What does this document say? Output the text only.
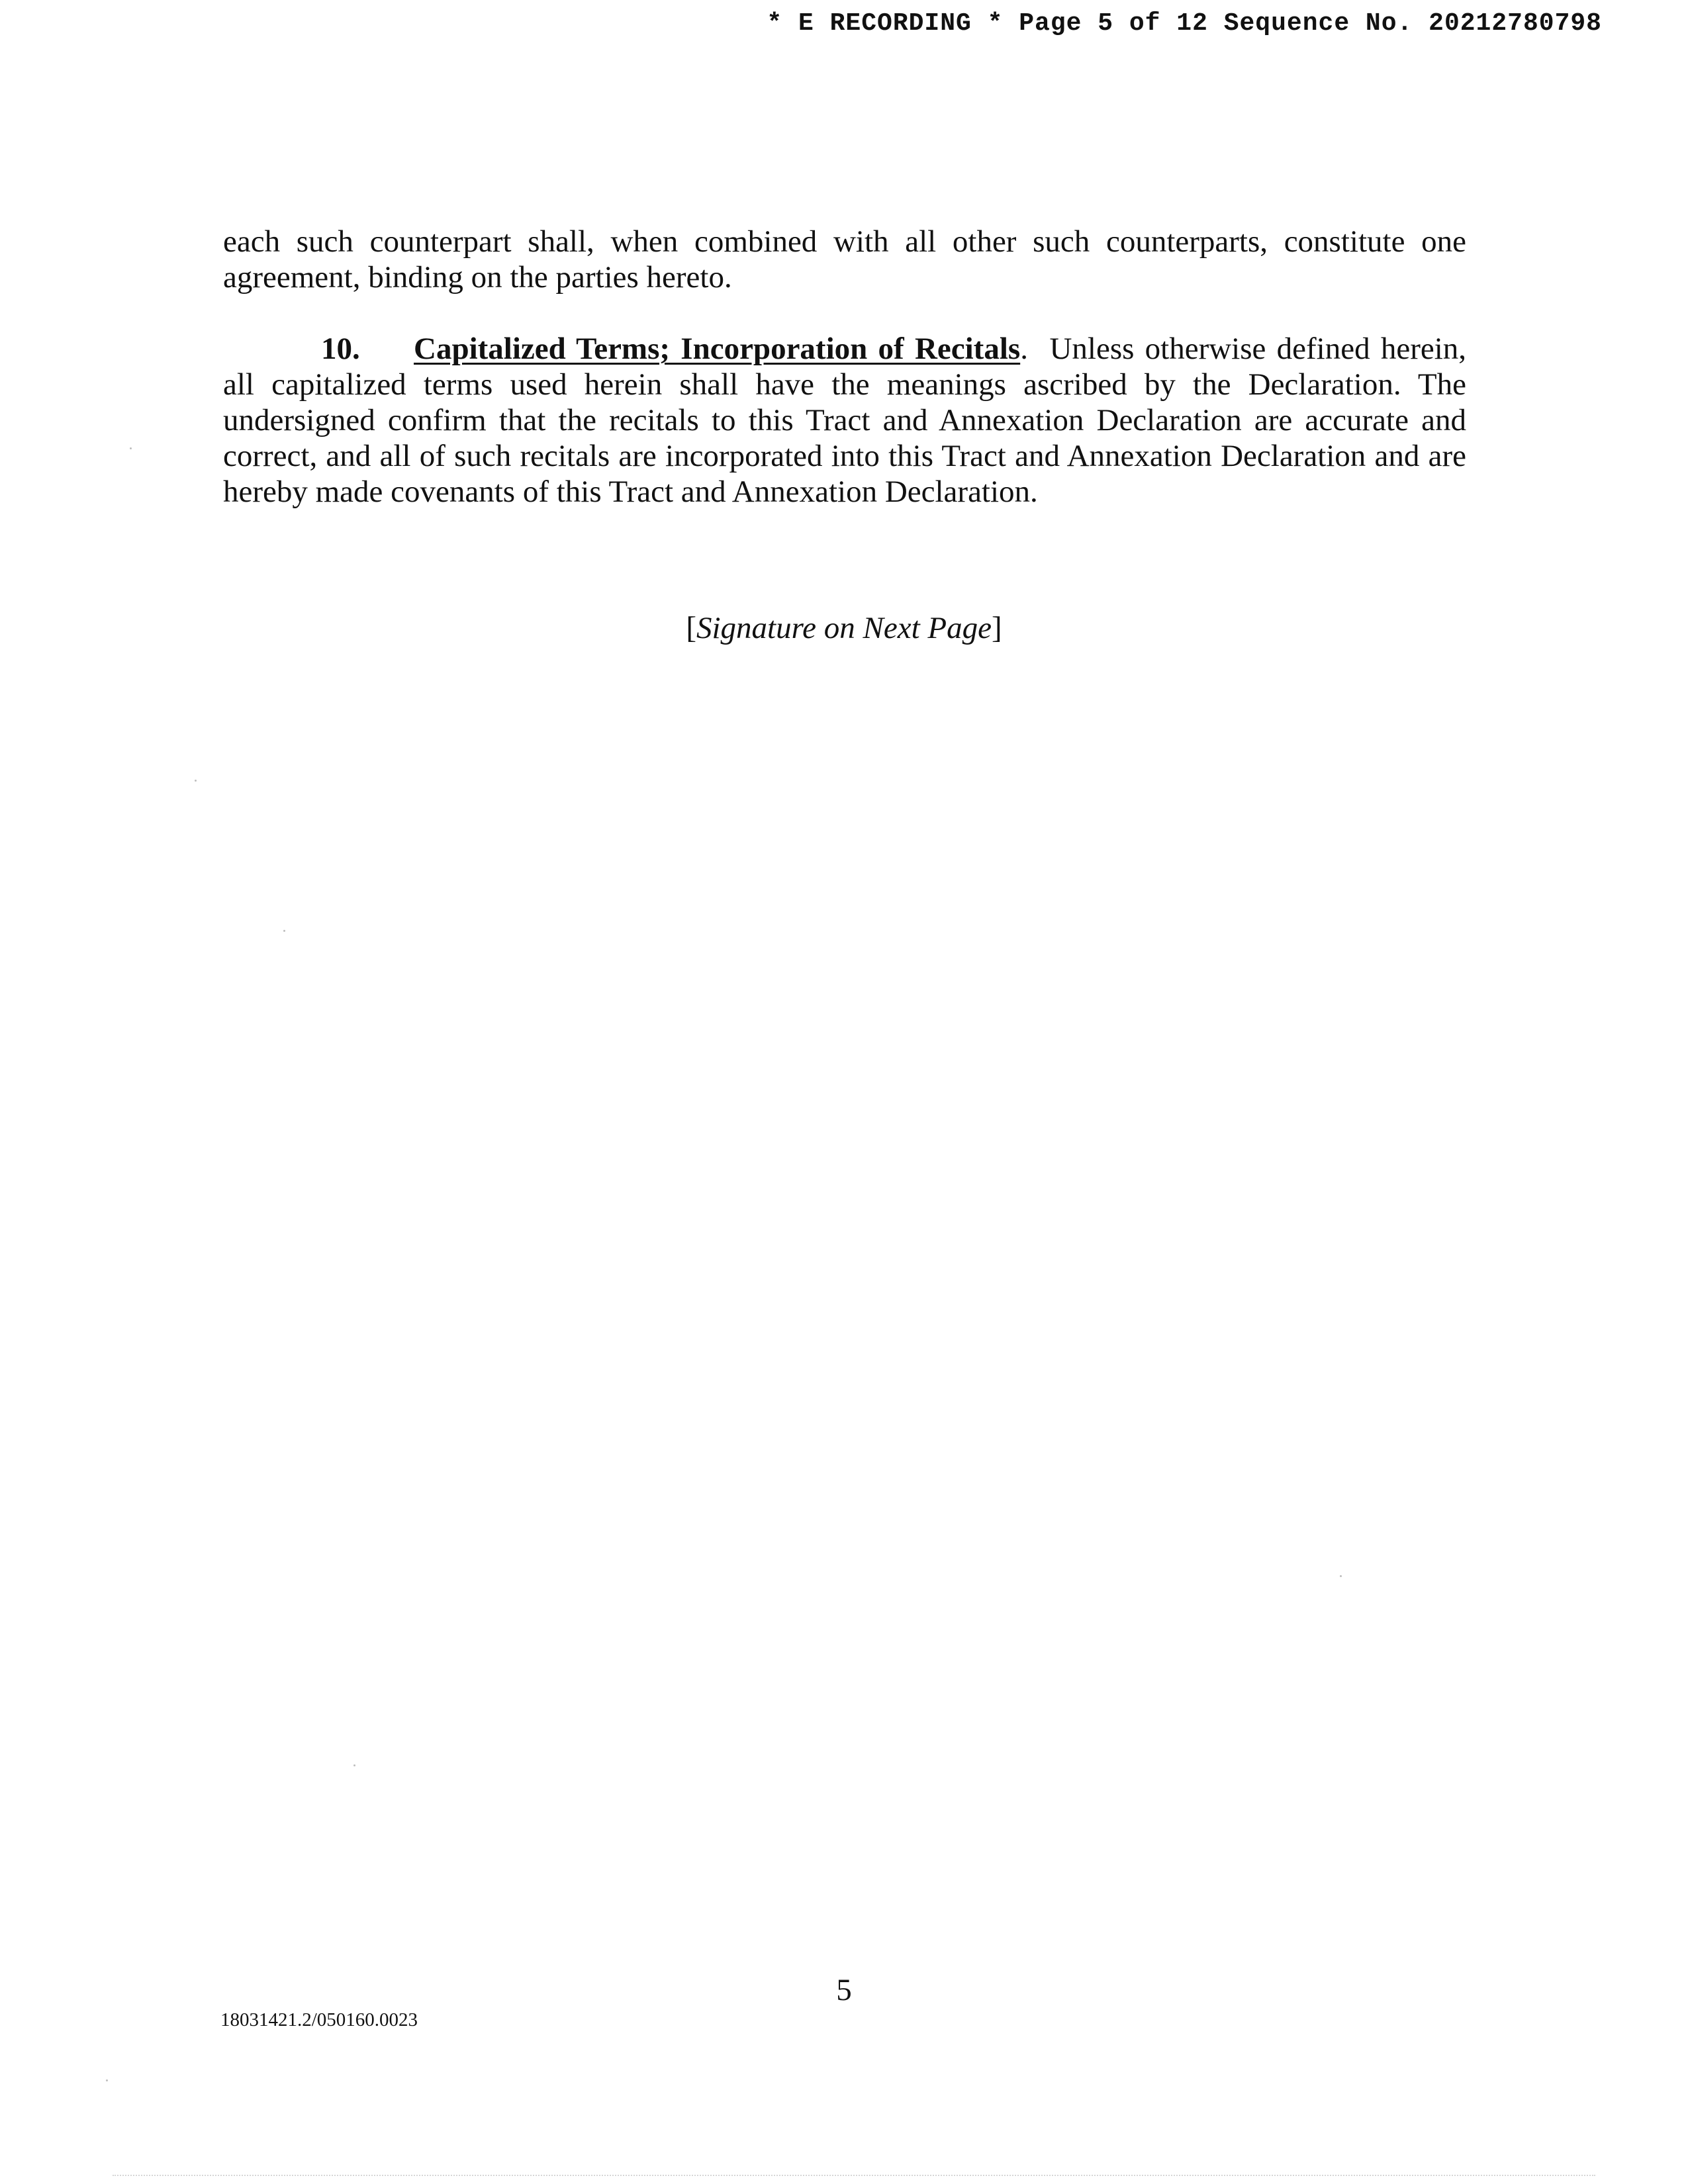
* E RECORDING * Page 5 of 12 Sequence No. 20212780798

each such counterpart shall, when combined with all other such counterparts, constitute one agreement, binding on the parties hereto.

10. Capitalized Terms; Incorporation of Recitals. Unless otherwise defined herein, all capitalized terms used herein shall have the meanings ascribed by the Declaration. The undersigned confirm that the recitals to this Tract and Annexation Declaration are accurate and correct, and all of such recitals are incorporated into this Tract and Annexation Declaration and are hereby made covenants of this Tract and Annexation Declaration.

[Signature on Next Page]
5
18031421.2/050160.0023
